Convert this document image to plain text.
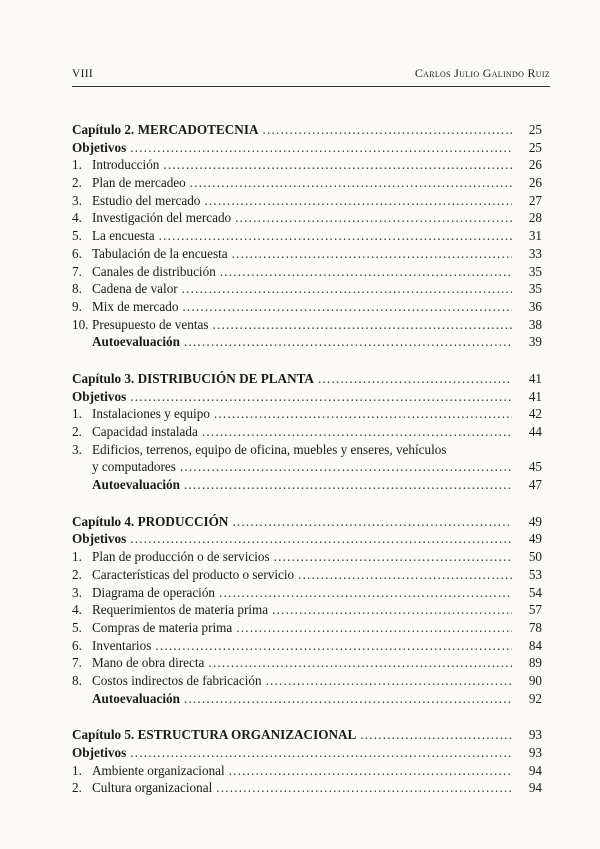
VIII	Carlos Julio Galindo Ruiz
Capítulo 2. MERCADOTECNIA .....	25
Objetivos .....	25
1. Introducción .....	26
2. Plan de mercadeo .....	26
3. Estudio del mercado .....	27
4. Investigación del mercado .....	28
5. La encuesta .....	31
6. Tabulación de la encuesta .....	33
7. Canales de distribución .....	35
8. Cadena de valor .....	35
9. Mix de mercado .....	36
10. Presupuesto de ventas .....	38
Autoevaluación .....	39
Capítulo 3. DISTRIBUCIÓN DE PLANTA .....	41
Objetivos .....	41
1. Instalaciones y equipo .....	42
2. Capacidad instalada .....	44
3. Edificios, terrenos, equipo de oficina, muebles y enseres, vehículos
y computadores .....	45
Autoevaluación .....	47
Capítulo 4. PRODUCCIÓN .....	49
Objetivos .....	49
1. Plan de producción o de servicios .....	50
2. Características del producto o servicio .....	53
3. Diagrama de operación .....	54
4. Requerimientos de materia prima .....	57
5. Compras de materia prima .....	78
6. Inventarios .....	84
7. Mano de obra directa .....	89
8. Costos indirectos de fabricación .....	90
Autoevaluación .....	92
Capítulo 5. ESTRUCTURA ORGANIZACIONAL .....	93
Objetivos .....	93
1. Ambiente organizacional .....	94
2. Cultura organizacional .....	94
